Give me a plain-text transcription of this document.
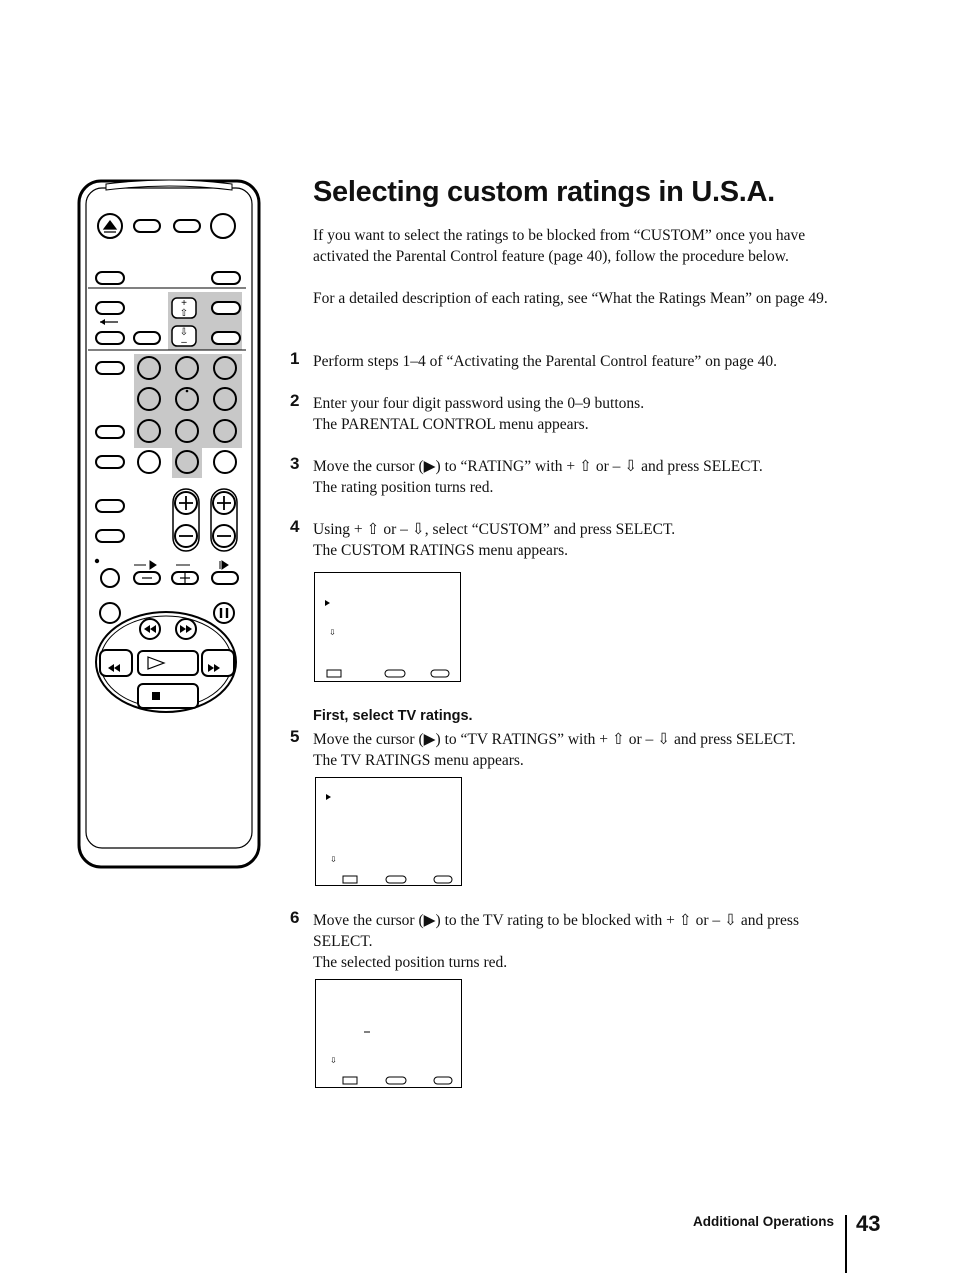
+
⇧
⇩
–
Selecting custom ratings in U.S.A.
If you want to select the ratings to be blocked from “CUSTOM” once you have activated the Parental Control feature (page 40), follow the procedure below.
For a detailed description of each rating, see “What the Ratings Mean” on page 49.
1 Perform steps 1–4 of “Activating the Parental Control feature” on page 40.
2 Enter your four digit password using the 0–9 buttons.
The PARENTAL CONTROL menu appears.
3 Move the cursor (▶) to “RATING” with + ⇧ or – ⇩ and press SELECT.
The rating position turns red.
4 Using + ⇧ or – ⇩, select “CUSTOM” and press SELECT.
The CUSTOM RATINGS menu appears.
⇩
First, select TV ratings.
5 Move the cursor (▶) to “TV RATINGS” with + ⇧ or – ⇩ and press SELECT.
The TV RATINGS menu appears.
⇩
6 Move the cursor (▶) to the TV rating to be blocked with + ⇧ or – ⇩ and press SELECT.
The selected position turns red.
⇩
Additional Operations 43
